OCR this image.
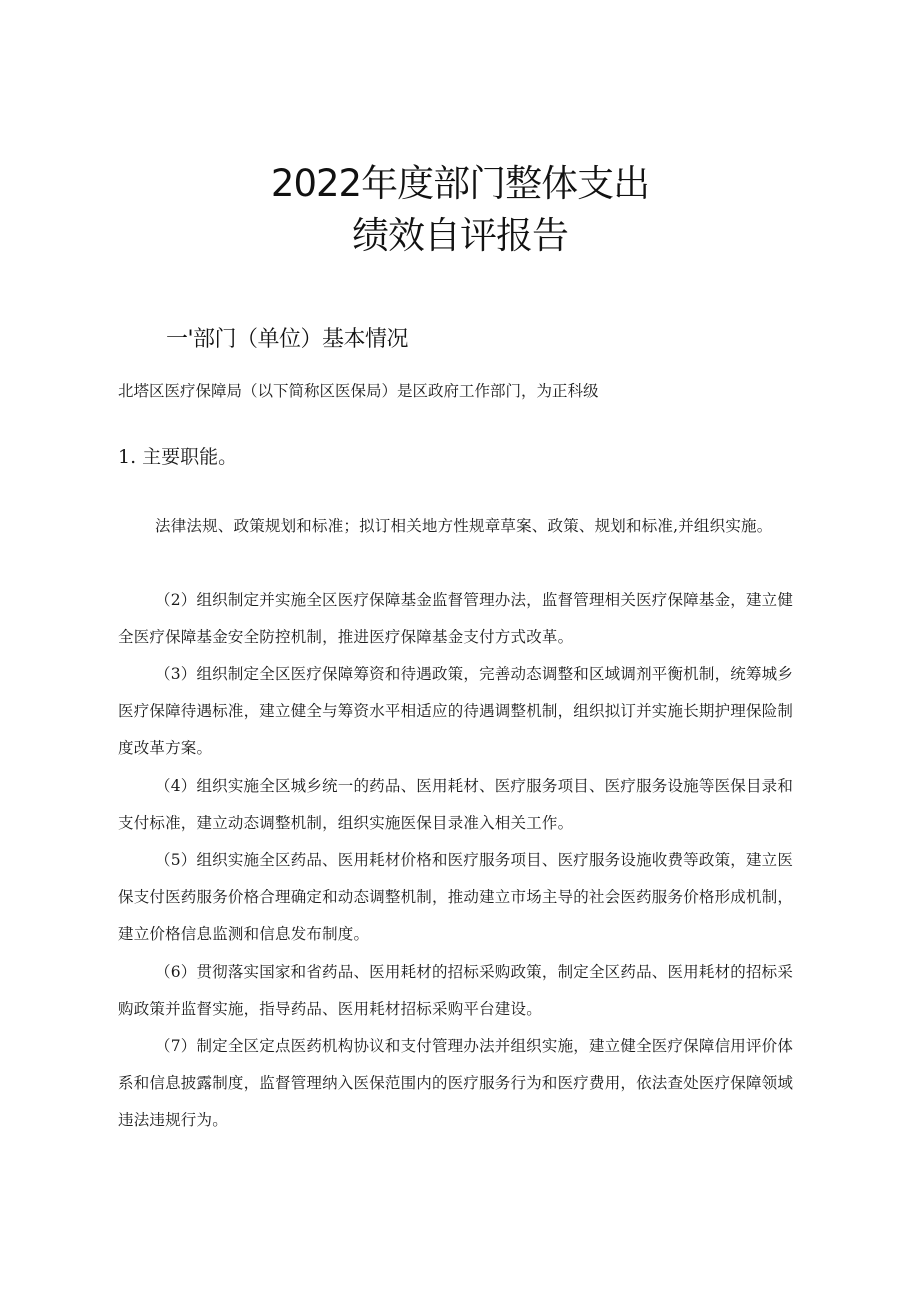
2022年度部门整体支出
绩效自评报告
一'部门（单位）基本情况

北塔区医疗保障局（以下简称区医保局）是区政府工作部门，为正科级

1. 主要职能。

法律法规、政策规划和标准；拟订相关地方性规章草案、政策、规划和标准,并组织实施。

（2）组织制定并实施全区医疗保障基金监督管理办法，监督管理相关医疗保障基金，建立健全医疗保障基金安全防控机制，推进医疗保障基金支付方式改革。

（3）组织制定全区医疗保障筹资和待遇政策，完善动态调整和区域调剂平衡机制，统筹城乡医疗保障待遇标准，建立健全与筹资水平相适应的待遇调整机制，组织拟订并实施长期护理保险制度改革方案。

（4）组织实施全区城乡统一的药品、医用耗材、医疗服务项目、医疗服务设施等医保目录和支付标准，建立动态调整机制，组织实施医保目录准入相关工作。

（5）组织实施全区药品、医用耗材价格和医疗服务项目、医疗服务设施收费等政策，建立医保支付医药服务价格合理确定和动态调整机制，推动建立市场主导的社会医药服务价格形成机制，建立价格信息监测和信息发布制度。

（6）贯彻落实国家和省药品、医用耗材的招标采购政策，制定全区药品、医用耗材的招标采购政策并监督实施，指导药品、医用耗材招标采购平台建设。

（7）制定全区定点医药机构协议和支付管理办法并组织实施，建立健全医疗保障信用评价体系和信息披露制度，监督管理纳入医保范围内的医疗服务行为和医疗费用，依法查处医疗保障领域违法违规行为。
